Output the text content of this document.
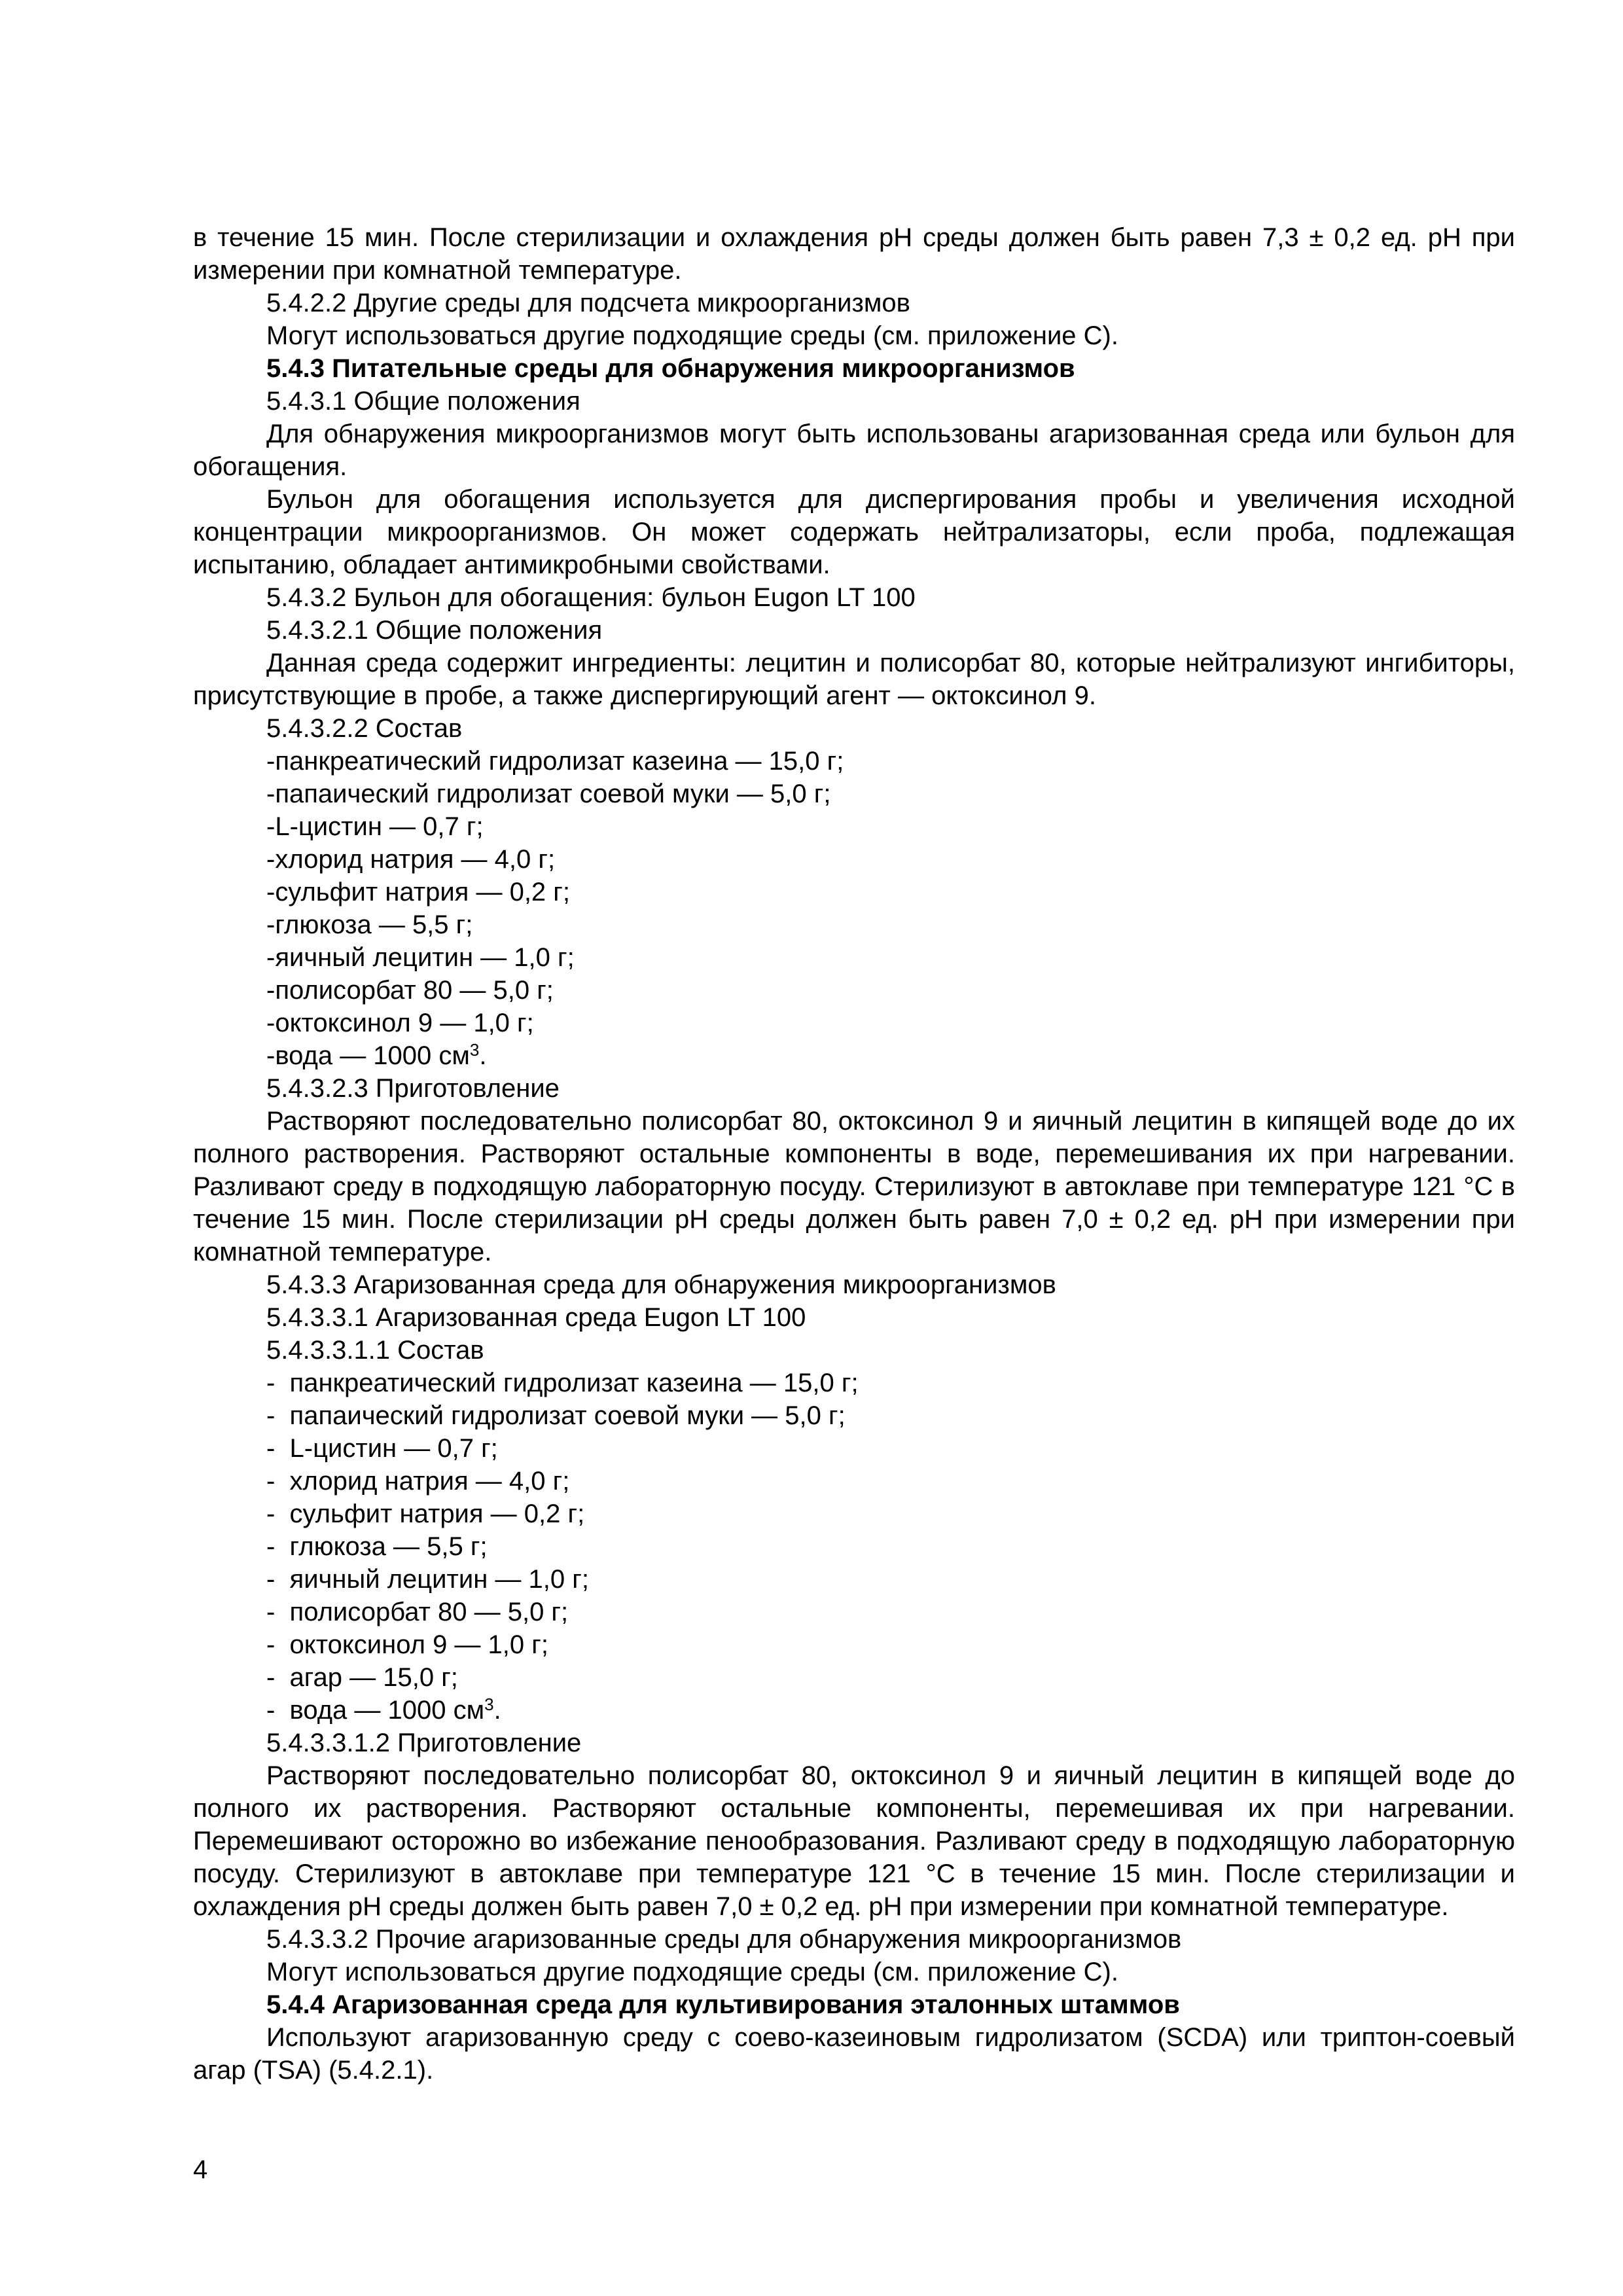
в течение 15 мин. После стерилизации и охлаждения pH среды должен быть равен 7,3 ± 0,2 ед. pH при измерении при комнатной температуре.

5.4.2.2 Другие среды для подсчета микроорганизмов

Могут использоваться другие подходящие среды (см. приложение С).

5.4.3 Питательные среды для обнаружения микроорганизмов

5.4.3.1 Общие положения

Для обнаружения микроорганизмов могут быть использованы агаризованная среда или бульон для обогащения.

Бульон для обогащения используется для диспергирования пробы и увеличения исходной концентрации микроорганизмов. Он может содержать нейтрализаторы, если проба, подлежащая испытанию, обладает антимикробными свойствами.

5.4.3.2 Бульон для обогащения: бульон Eugon LT 100

5.4.3.2.1 Общие положения

Данная среда содержит ингредиенты: лецитин и полисорбат 80, которые нейтрализуют ингибиторы, присутствующие в пробе, а также диспергирующий агент — октоксинол 9.

5.4.3.2.2 Состав

- панкреатический гидролизат казеина — 15,0 г;

- папаический гидролизат соевой муки — 5,0 г;

- L-цистин — 0,7 г;

- хлорид натрия — 4,0 г;

- сульфит натрия — 0,2 г;

- глюкоза — 5,5 г;

- яичный лецитин — 1,0 г;

- полисорбат 80 — 5,0 г;

- октоксинол 9 — 1,0 г;

- вода — 1000 $см^3$.

5.4.3.2.3 Приготовление

Растворяют последовательно полисорбат 80, октоксинол 9 и яичный лецитин в кипящей воде до их полного растворения. Растворяют остальные компоненты в воде, перемешивания их при нагревании. Разливают среду в подходящую лабораторную посуду. Стерилизуют в автоклаве при температуре 121 °С в течение 15 мин. После стерилизации pH среды должен быть равен 7,0 ± 0,2 ед. pH при измерении при комнатной температуре.

5.4.3.3 Агаризованная среда для обнаружения микроорганизмов

5.4.3.3.1 Агаризованная среда Eugon LT 100

5.4.3.3.1.1 Состав

-  панкреатический гидролизат казеина — 15,0 г;

-  папаический гидролизат соевой муки — 5,0 г;

-  L-цистин — 0,7 г;

-  хлорид натрия — 4,0 г;

-  сульфит натрия — 0,2 г;

-  глюкоза — 5,5 г;

-  яичный лецитин — 1,0 г;

-  полисорбат 80 — 5,0 г;

-  октоксинол 9 — 1,0 г;

-  агар — 15,0 г;

-  вода — 1000 $см^3$.

5.4.3.3.1.2 Приготовление

Растворяют последовательно полисорбат 80, октоксинол 9 и яичный лецитин в кипящей воде до полного их растворения. Растворяют остальные компоненты, перемешивая их при нагревании. Перемешивают осторожно во избежание пенообразования. Разливают среду в подходящую лабораторную посуду. Стерилизуют в автоклаве при температуре 121 °С в течение 15 мин. После стерилизации и охлаждения pH среды должен быть равен 7,0 ± 0,2 ед. pH при измерении при комнатной температуре.

5.4.3.3.2 Прочие агаризованные среды для обнаружения микроорганизмов

Могут использоваться другие подходящие среды (см. приложение С).

5.4.4 Агаризованная среда для культивирования эталонных штаммов

Используют агаризованную среду с соево-казеиновым гидролизатом (SCDA) или триптон-соевый агар (TSA) (5.4.2.1).

4
